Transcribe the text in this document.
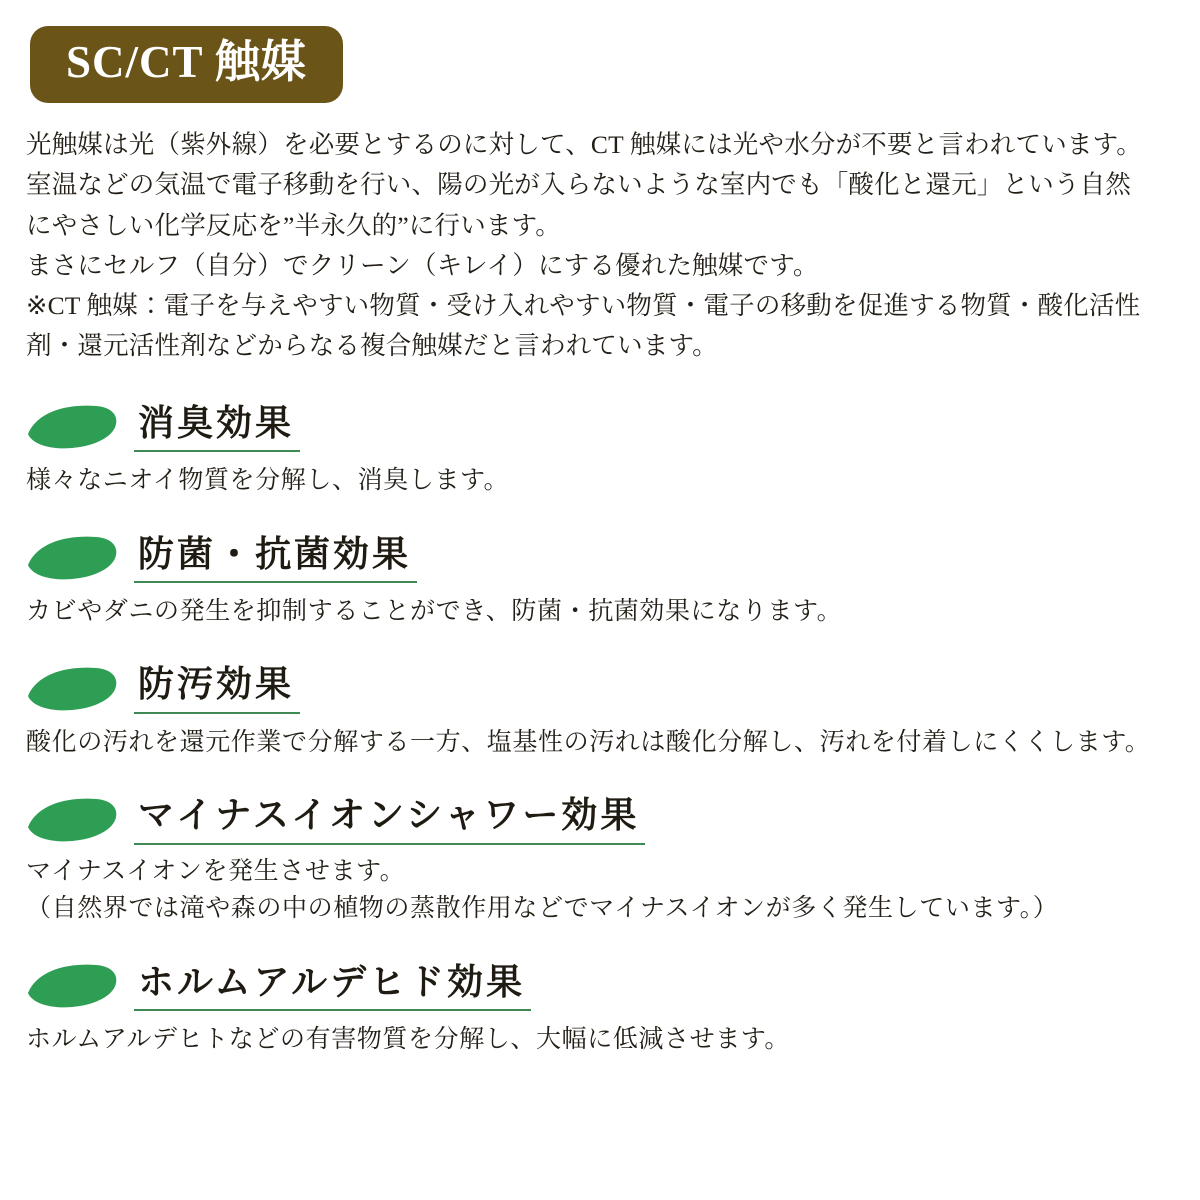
SC/CT 触媒

光触媒は光（紫外線）を必要とするのに対して、CT 触媒には光や水分が不要と言われています。

室温などの気温で電子移動を行い、陽の光が入らないような室内でも「酸化と還元」という自然

にやさしい化学反応を”半永久的”に行います。

まさにセルフ（自分）でクリーン（キレイ）にする優れた触媒です。

※CT 触媒：電子を与えやすい物質・受け入れやすい物質・電子の移動を促進する物質・酸化活性

剤・還元活性剤などからなる複合触媒だと言われています。

消臭効果

様々なニオイ物質を分解し、消臭します。

防菌・抗菌効果

カビやダニの発生を抑制することができ、防菌・抗菌効果になります。

防汚効果

酸化の汚れを還元作業で分解する一方、塩基性の汚れは酸化分解し、汚れを付着しにくくします。

マイナスイオンシャワー効果

マイナスイオンを発生させます。

（自然界では滝や森の中の植物の蒸散作用などでマイナスイオンが多く発生しています。）

ホルムアルデヒド効果

ホルムアルデヒトなどの有害物質を分解し、大幅に低減させます。
